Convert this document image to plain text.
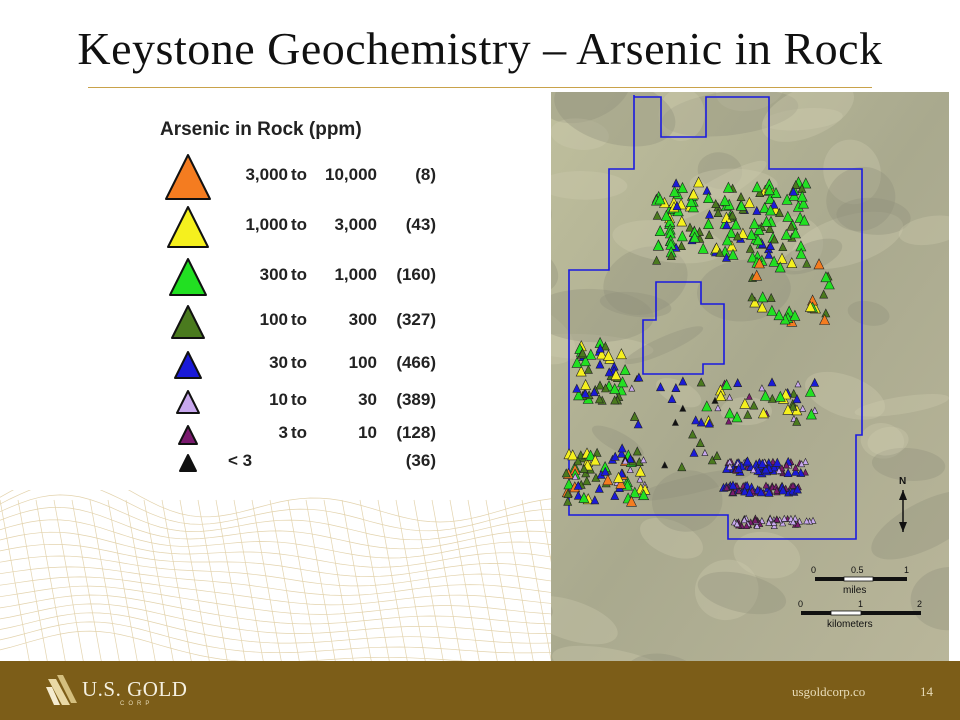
Keystone Geochemistry – Arsenic in Rock
Arsenic in Rock (ppm)
3,000 to	10,000	(8)
1,000 to	3,000	(43)
300 to	1,000	(160)
100 to	300	(327)
30 to	100	(466)
10 to	30	(389)
3 to	10	(128)
< 3	(36)
N
0	0.5	1
miles
0	1	2
kilometers
U.S. GOLD
CORP
usgoldcorp.co	14
